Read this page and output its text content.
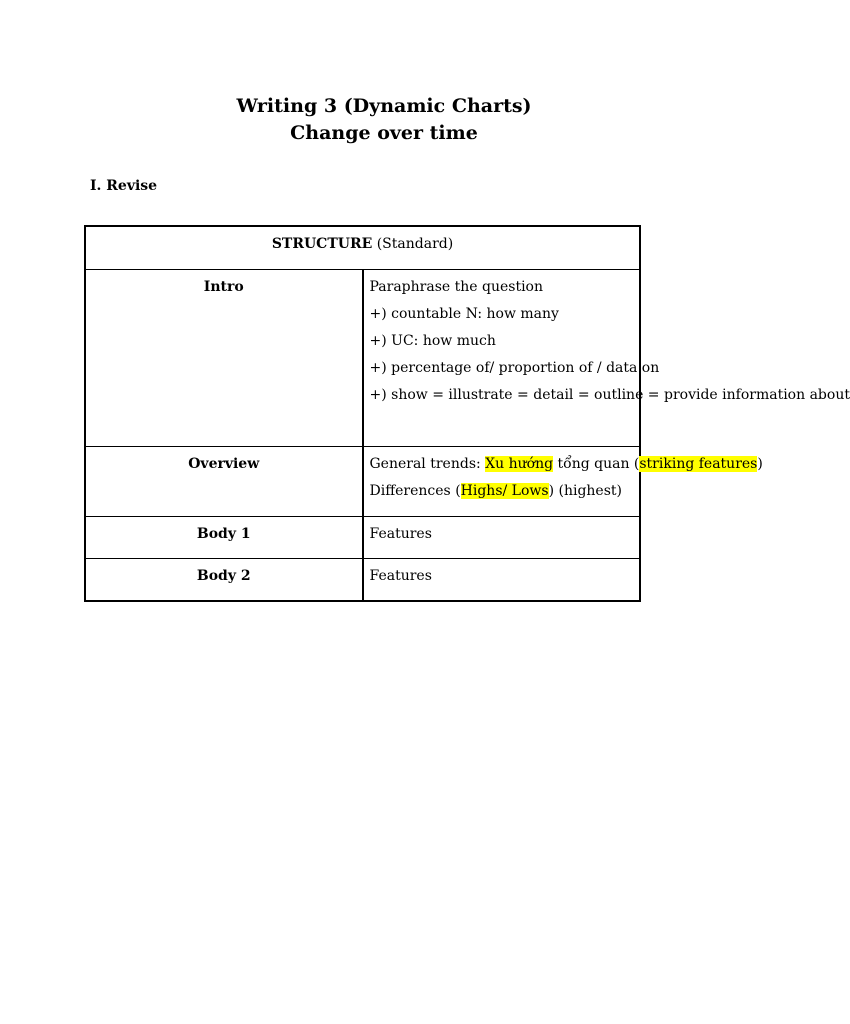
Writing 3 (Dynamic Charts)
Change over time
I. Revise
STRUCTURE (Standard)	

Intro	Paraphrase the question
+) countable N: how many
+) UC: how much
+) percentage of/ proportion of / data on
+) show = illustrate = detail = outline = provide information about

Overview	General trends: Xu hướng tổng quan (striking features)
Differences (Highs/ Lows) (highest)

Body 1	Features

Body 2	Features
